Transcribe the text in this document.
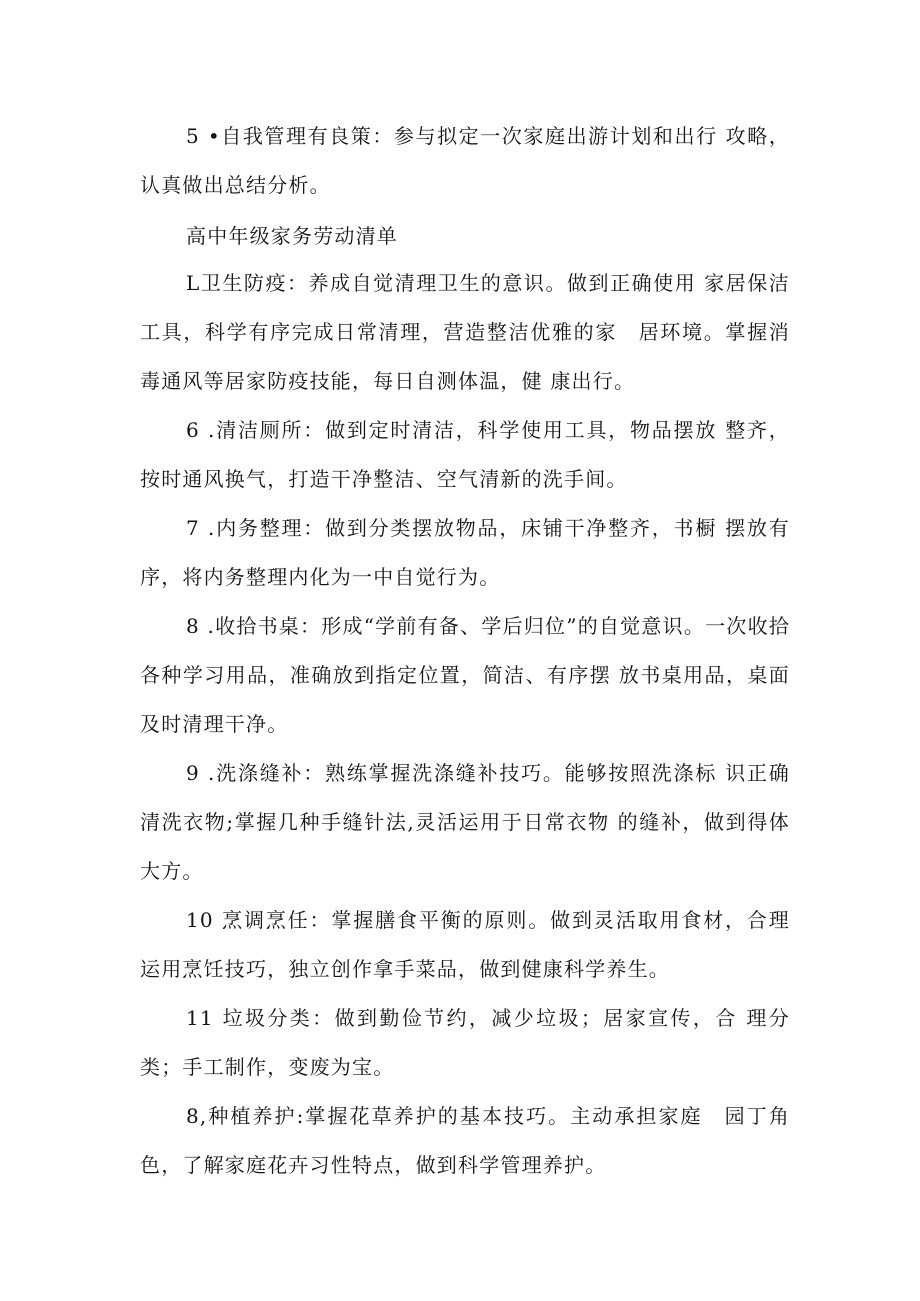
5 •自我管理有良策：参与拟定一次家庭出游计划和出行 攻略，认真做出总结分析。

高中年级家务劳动清单

L卫生防疫：养成自觉清理卫生的意识。做到正确使用 家居保洁工具，科学有序完成日常清理，营造整洁优雅的家　居环境。掌握消毒通风等居家防疫技能，每日自测体温，健 康出行。

6 .清洁厕所：做到定时清洁，科学使用工具，物品摆放 整齐，按时通风换气，打造干净整洁、空气清新的洗手间。

7 .内务整理：做到分类摆放物品，床铺干净整齐，书橱 摆放有序，将内务整理内化为一中自觉行为。

8 .收拾书桌：形成“学前有备、学后归位”的自觉意识。一次收拾各种学习用品，准确放到指定位置，简洁、有序摆 放书桌用品，桌面及时清理干净。

9 .洗涤缝补：熟练掌握洗涤缝补技巧。能够按照洗涤标 识正确清洗衣物;掌握几种手缝针法,灵活运用于日常衣物 的缝补，做到得体大方。

10 烹调烹任：掌握膳食平衡的原则。做到灵活取用食材，合理运用烹饪技巧，独立创作拿手菜品，做到健康科学养生。

11 垃圾分类：做到勤俭节约，减少垃圾；居家宣传，合 理分类；手工制作，变废为宝。

8,种植养护:掌握花草养护的基本技巧。主动承担家庭　园丁角色，了解家庭花卉习性特点，做到科学管理养护。
